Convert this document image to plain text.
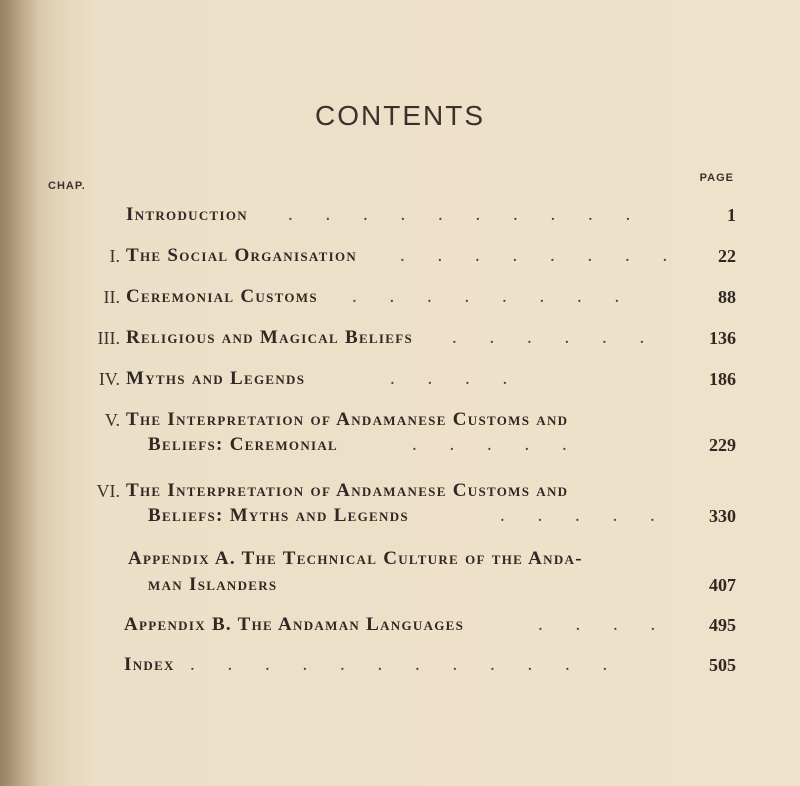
CONTENTS
CHAP.
PAGE
Introduction . . . . . . . . . .	1
I. The Social Organisation . . . . . . . .	22
II. Ceremonial Customs . . . . . . . .	88
III. Religious and Magical Beliefs . . . . . .	136
IV. Myths and Legends	. . . .	186
V. The Interpretation of Andamanese Customs and
Beliefs: Ceremonial	. . . . .	229
VI. The Interpretation of Andamanese Customs and
Beliefs: Myths and Legends	. . . . .	330
Appendix A. The Technical Culture of the Anda-
man Islanders	407
Appendix B. The Andaman Languages	. . . .	495
Index . . . . . . . . . . . .	505
